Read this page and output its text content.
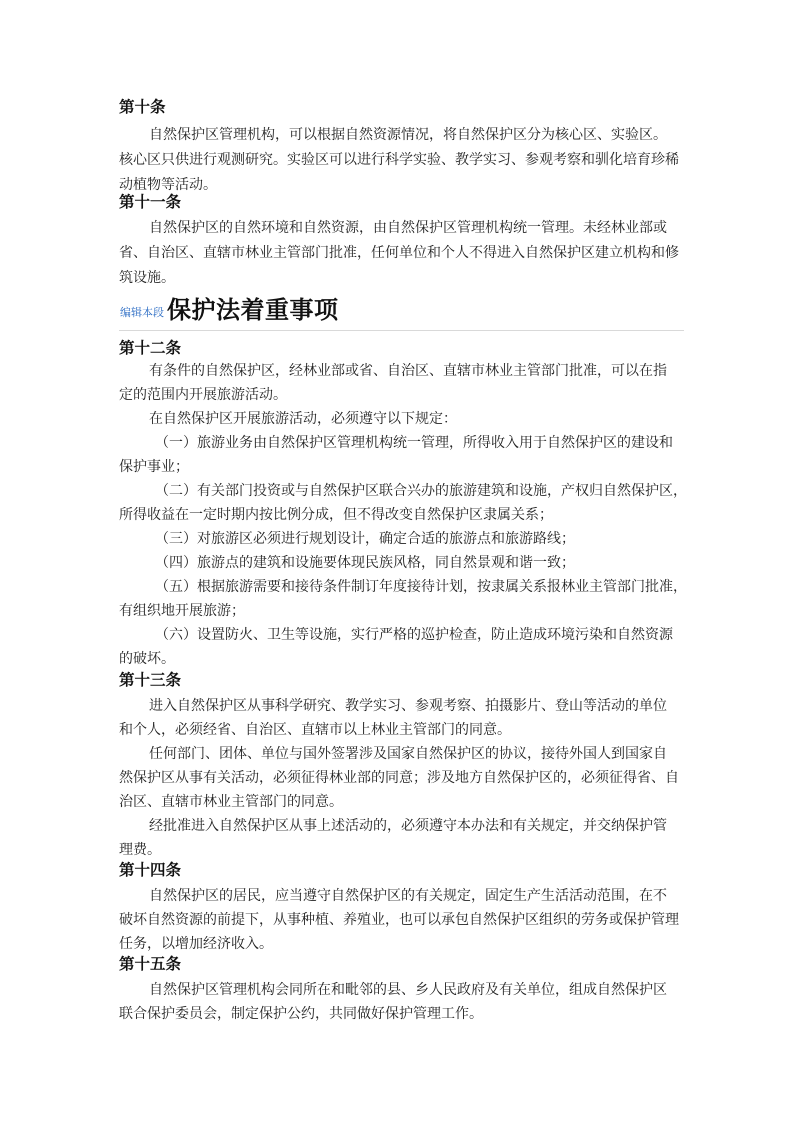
第十条
自然保护区管理机构，可以根据自然资源情况，将自然保护区分为核心区、实验区。
核心区只供进行观测研究。实验区可以进行科学实验、教学实习、参观考察和驯化培育珍稀
动植物等活动。
第十一条
自然保护区的自然环境和自然资源，由自然保护区管理机构统一管理。未经林业部或
省、自治区、直辖市林业主管部门批准，任何单位和个人不得进入自然保护区建立机构和修
筑设施。
编辑本段 保护法着重事项
第十二条
有条件的自然保护区，经林业部或省、自治区、直辖市林业主管部门批准，可以在指
定的范围内开展旅游活动。
在自然保护区开展旅游活动，必须遵守以下规定：
（一）旅游业务由自然保护区管理机构统一管理，所得收入用于自然保护区的建设和
保护事业；
（二）有关部门投资或与自然保护区联合兴办的旅游建筑和设施，产权归自然保护区，
所得收益在一定时期内按比例分成，但不得改变自然保护区隶属关系；
（三）对旅游区必须进行规划设计，确定合适的旅游点和旅游路线；
（四）旅游点的建筑和设施要体现民族风格，同自然景观和谐一致；
（五）根据旅游需要和接待条件制订年度接待计划，按隶属关系报林业主管部门批准，
有组织地开展旅游；
（六）设置防火、卫生等设施，实行严格的巡护检查，防止造成环境污染和自然资源
的破坏。
第十三条
进入自然保护区从事科学研究、教学实习、参观考察、拍摄影片、登山等活动的单位
和个人，必须经省、自治区、直辖市以上林业主管部门的同意。
任何部门、团体、单位与国外签署涉及国家自然保护区的协议，接待外国人到国家自
然保护区从事有关活动，必须征得林业部的同意；涉及地方自然保护区的，必须征得省、自
治区、直辖市林业主管部门的同意。
经批准进入自然保护区从事上述活动的，必须遵守本办法和有关规定，并交纳保护管
理费。
第十四条
自然保护区的居民，应当遵守自然保护区的有关规定，固定生产生活活动范围，在不
破坏自然资源的前提下，从事种植、养殖业，也可以承包自然保护区组织的劳务或保护管理
任务，以增加经济收入。
第十五条
自然保护区管理机构会同所在和毗邻的县、乡人民政府及有关单位，组成自然保护区
联合保护委员会，制定保护公约，共同做好保护管理工作。
